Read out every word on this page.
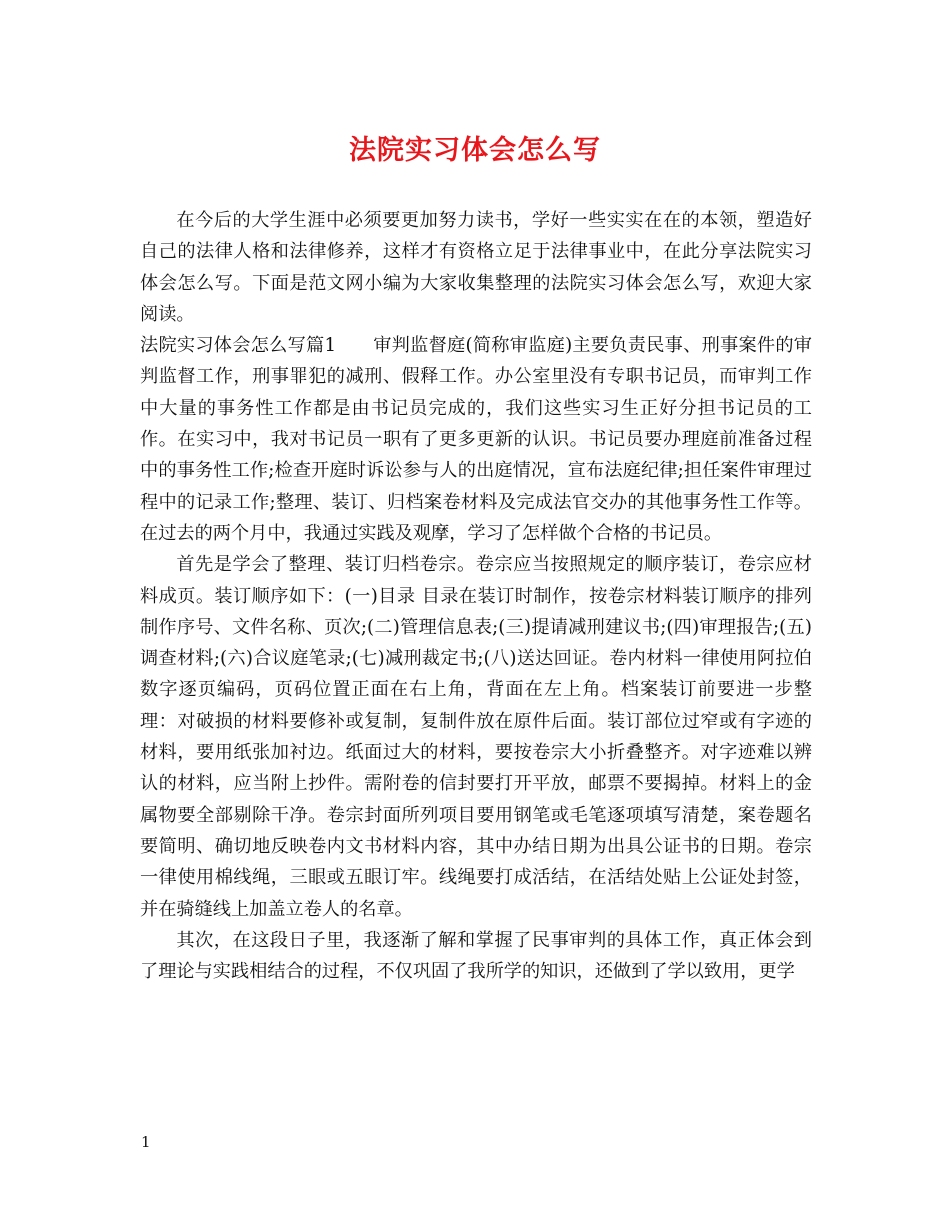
法院实习体会怎么写

在今后的大学生涯中必须要更加努力读书，学好一些实实在在的本领，塑造好自己的法律人格和法律修养，这样才有资格立足于法律事业中，在此分享法院实习体会怎么写。下面是范文网小编为大家收集整理的法院实习体会怎么写，欢迎大家阅读。

法院实习体会怎么写篇1　　审判监督庭(简称审监庭)主要负责民事、刑事案件的审判监督工作，刑事罪犯的减刑、假释工作。办公室里没有专职书记员，而审判工作中大量的事务性工作都是由书记员完成的，我们这些实习生正好分担书记员的工作。在实习中，我对书记员一职有了更多更新的认识。书记员要办理庭前准备过程中的事务性工作;检查开庭时诉讼参与人的出庭情况，宣布法庭纪律;担任案件审理过程中的记录工作;整理、装订、归档案卷材料及完成法官交办的其他事务性工作等。在过去的两个月中，我通过实践及观摩，学习了怎样做个合格的书记员。

首先是学会了整理、装订归档卷宗。卷宗应当按照规定的顺序装订，卷宗应材料成页。装订顺序如下：(一)目录 目录在装订时制作，按卷宗材料装订顺序的排列制作序号、文件名称、页次;(二)管理信息表;(三)提请减刑建议书;(四)审理报告;(五)调查材料;(六)合议庭笔录;(七)减刑裁定书;(八)送达回证。卷内材料一律使用阿拉伯数字逐页编码，页码位置正面在右上角，背面在左上角。档案装订前要进一步整理：对破损的材料要修补或复制，复制件放在原件后面。装订部位过窄或有字迹的材料，要用纸张加衬边。纸面过大的材料，要按卷宗大小折叠整齐。对字迹难以辨认的材料，应当附上抄件。需附卷的信封要打开平放，邮票不要揭掉。材料上的金属物要全部剔除干净。卷宗封面所列项目要用钢笔或毛笔逐项填写清楚，案卷题名要简明、确切地反映卷内文书材料内容，其中办结日期为出具公证书的日期。卷宗一律使用棉线绳，三眼或五眼订牢。线绳要打成活结，在活结处贴上公证处封签，并在骑缝线上加盖立卷人的名章。

其次，在这段日子里，我逐渐了解和掌握了民事审判的具体工作，真正体会到了理论与实践相结合的过程，不仅巩固了我所学的知识，还做到了学以致用，更学

1
